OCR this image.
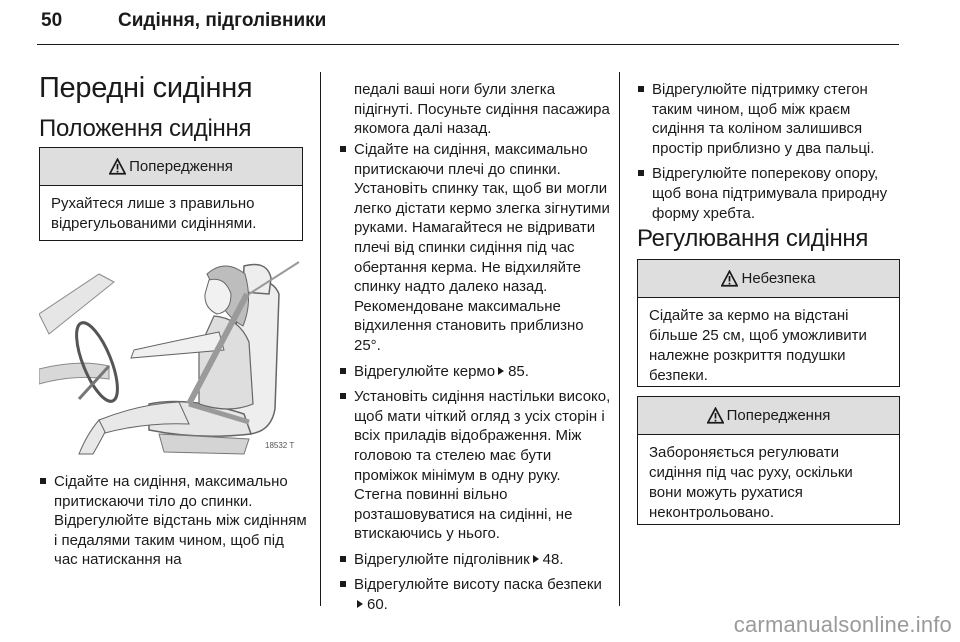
50	Сидіння, підголівники
Передні сидіння
Положення сидіння
Попередження
Рухайтеся лише з правильно відрегульованими сидіннями.
18532 T
Сідайте на сидіння, максимально притискаючи тіло до спинки. Відрегулюйте відстань між сидінням і педалями таким чином, щоб під час натискання на
педалі ваші ноги були злегка підігнуті. Посуньте сидіння пасажира якомога далі назад.
Сідайте на сидіння, максимально притискаючи плечі до спинки. Установіть спинку так, щоб ви могли легко дістати кермо злегка зігнутими руками. Намагайтеся не відривати плечі від спинки сидіння під час обертання керма. Не відхиляйте спинку надто далеко назад. Рекомендоване максимальне відхилення становить приблизно 25°.
Відрегулюйте кермо 85.
Установіть сидіння настільки високо, щоб мати чіткий огляд з усіх сторін і всіх приладів відображення. Між головою та стелею має бути проміжок мінімум в одну руку. Стегна повинні вільно розташовуватися на сидінні, не втискаючись у нього.
Відрегулюйте підголівник 48.
Відрегулюйте висоту паска безпеки60.
Відрегулюйте підтримку стегон таким чином, щоб між краєм сидіння та коліном залишився простір приблизно у два пальці.
Відрегулюйте поперекову опору, щоб вона підтримувала природну форму хребта.
Регулювання сидіння
Небезпека
Сідайте за кермо на відстані більше 25 см, щоб уможливити належне розкриття подушки безпеки.
Попередження
Забороняється регулювати сидіння під час руху, оскільки вони можуть рухатися неконтрольовано.
carmanualsonline.info
